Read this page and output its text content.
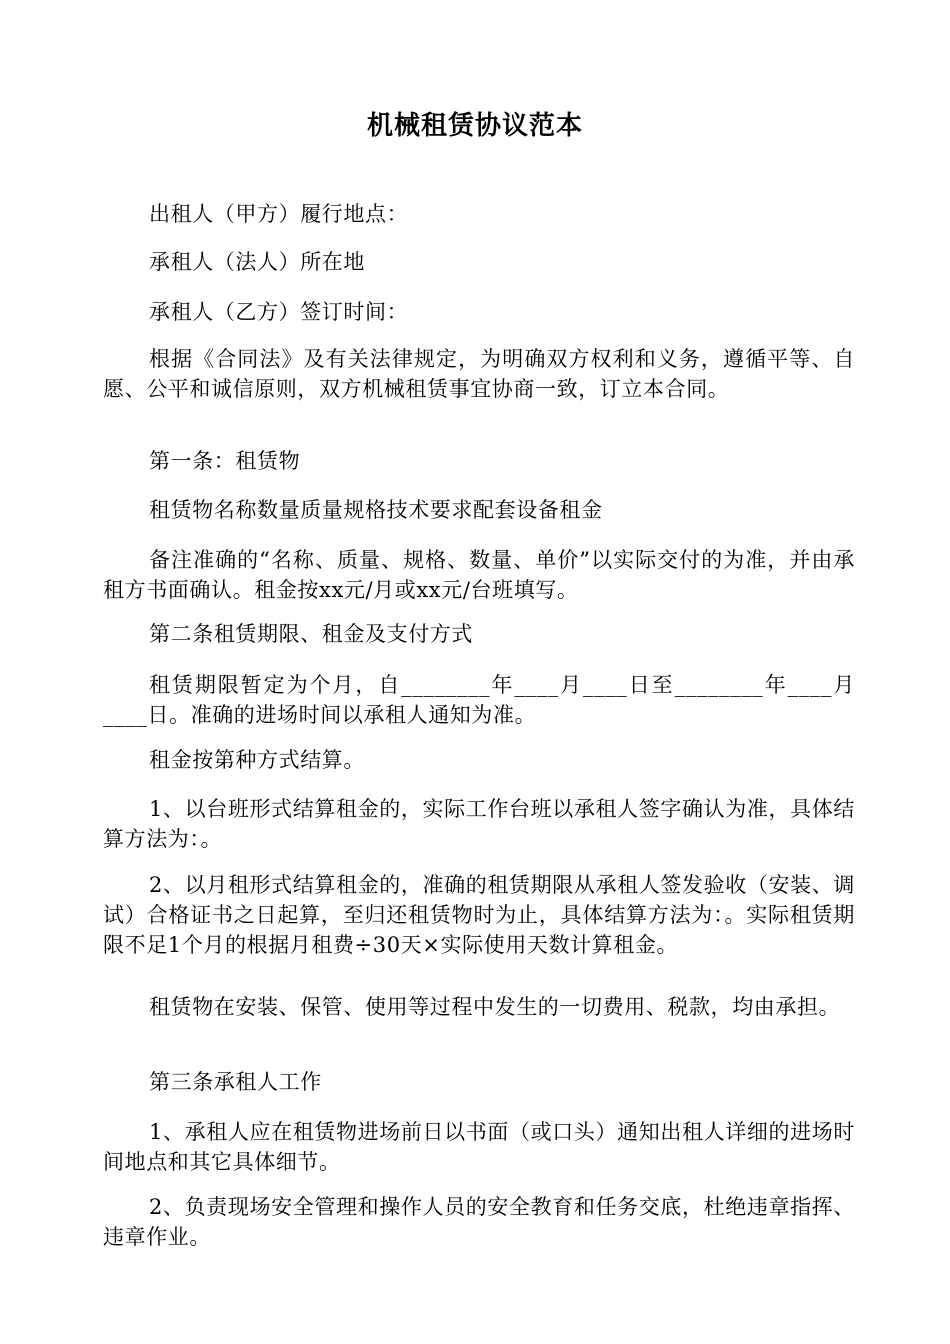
机械租赁协议范本

出租人（甲方）履行地点：

承租人（法人）所在地

承租人（乙方）签订时间：

根据《合同法》及有关法律规定，为明确双方权利和义务，遵循平等、自愿、公平和诚信原则，双方机械租赁事宜协商一致，订立本合同。

第一条：租赁物

租赁物名称数量质量规格技术要求配套设备租金

备注准确的“名称、质量、规格、数量、单价”以实际交付的为准，并由承租方书面确认。租金按xx元/月或xx元/台班填写。

第二条租赁期限、租金及支付方式

租赁期限暂定为个月，自________年____月____日至________年____月____日。准确的进场时间以承租人通知为准。

租金按第种方式结算。

1、以台班形式结算租金的，实际工作台班以承租人签字确认为准，具体结算方法为：。

2、以月租形式结算租金的，准确的租赁期限从承租人签发验收（安装、调试）合格证书之日起算，至归还租赁物时为止，具体结算方法为：。实际租赁期限不足1个月的根据月租费÷30天×实际使用天数计算租金。

租赁物在安装、保管、使用等过程中发生的一切费用、税款，均由承担。

第三条承租人工作

1、承租人应在租赁物进场前日以书面（或口头）通知出租人详细的进场时间地点和其它具体细节。

2、负责现场安全管理和操作人员的安全教育和任务交底，杜绝违章指挥、违章作业。
